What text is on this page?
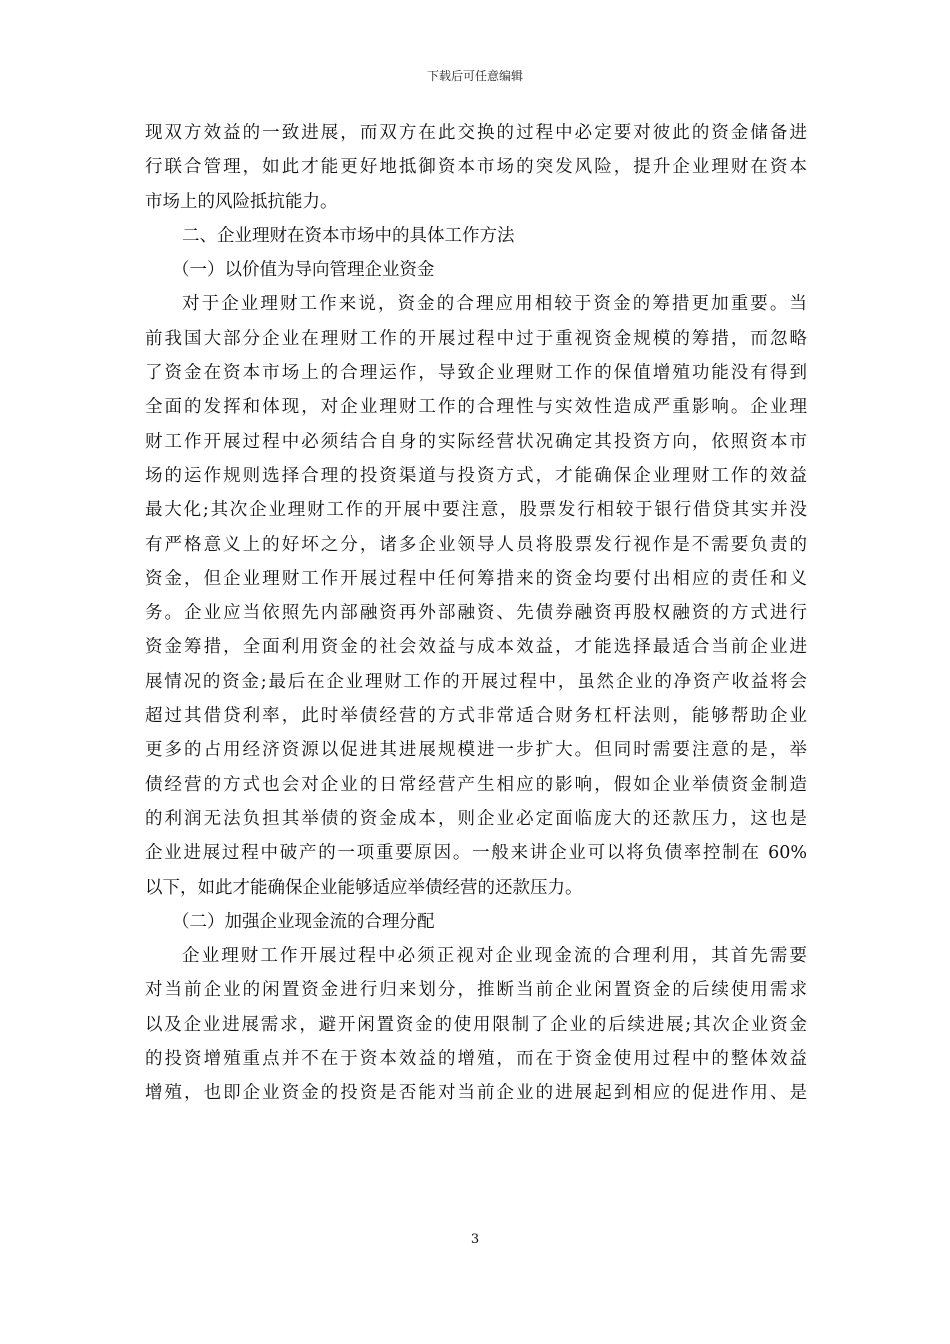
下载后可任意编辑
现双方效益的一致进展，而双方在此交换的过程中必定要对彼此的资金储备进
行联合管理，如此才能更好地抵御资本市场的突发风险，提升企业理财在资本
市场上的风险抵抗能力。
二、企业理财在资本市场中的具体工作方法
（一）以价值为导向管理企业资金
对于企业理财工作来说，资金的合理应用相较于资金的筹措更加重要。当
前我国大部分企业在理财工作的开展过程中过于重视资金规模的筹措，而忽略
了资金在资本市场上的合理运作，导致企业理财工作的保值增殖功能没有得到
全面的发挥和体现，对企业理财工作的合理性与实效性造成严重影响。企业理
财工作开展过程中必须结合自身的实际经营状况确定其投资方向，依照资本市
场的运作规则选择合理的投资渠道与投资方式，才能确保企业理财工作的效益
最大化;其次企业理财工作的开展中要注意，股票发行相较于银行借贷其实并没
有严格意义上的好坏之分，诸多企业领导人员将股票发行视作是不需要负责的
资金，但企业理财工作开展过程中任何筹措来的资金均要付出相应的责任和义
务。企业应当依照先内部融资再外部融资、先债券融资再股权融资的方式进行
资金筹措，全面利用资金的社会效益与成本效益，才能选择最适合当前企业进
展情况的资金;最后在企业理财工作的开展过程中，虽然企业的净资产收益将会
超过其借贷利率，此时举债经营的方式非常适合财务杠杆法则，能够帮助企业
更多的占用经济资源以促进其进展规模进一步扩大。但同时需要注意的是，举
债经营的方式也会对企业的日常经营产生相应的影响，假如企业举债资金制造
的利润无法负担其举债的资金成本，则企业必定面临庞大的还款压力，这也是
企业进展过程中破产的一项重要原因。一般来讲企业可以将负债率控制在 60%
以下，如此才能确保企业能够适应举债经营的还款压力。
（二）加强企业现金流的合理分配
企业理财工作开展过程中必须正视对企业现金流的合理利用，其首先需要
对当前企业的闲置资金进行归来划分，推断当前企业闲置资金的后续使用需求
以及企业进展需求，避开闲置资金的使用限制了企业的后续进展;其次企业资金
的投资增殖重点并不在于资本效益的增殖，而在于资金使用过程中的整体效益
增殖，也即企业资金的投资是否能对当前企业的进展起到相应的促进作用、是
3
